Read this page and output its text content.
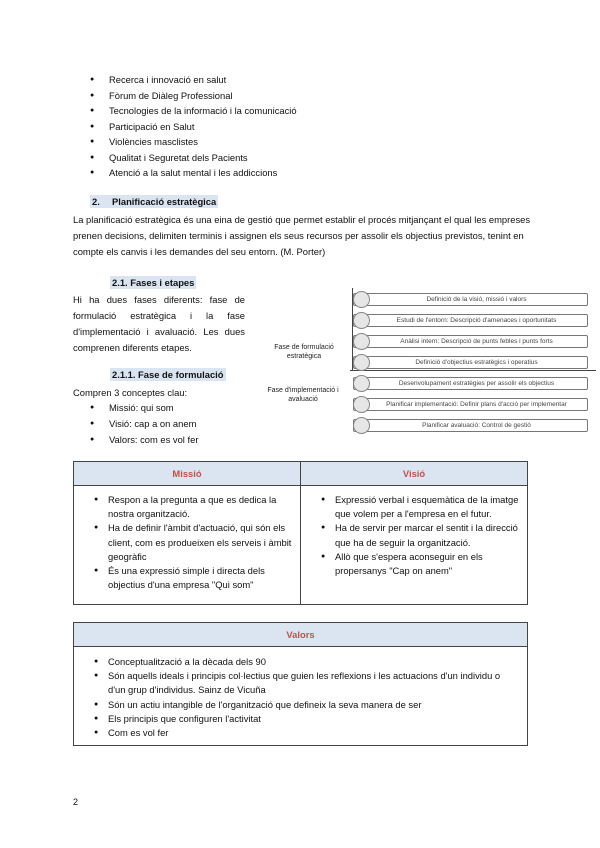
● Recerca i innovació en salut
● Fòrum de Diàleg Professional
● Tecnologies de la informació i la comunicació
● Participació en Salut
● Violències masclistes
● Qualitat i Seguretat dels Pacients
● Atenció a la salut mental i les addiccions
2. Planificació estratègica

La planificació estratègica és una eina de gestió que permet establir el procés mitjançant el qual les empreses prenen decisions, delimiten terminis i assignen els seus recursos per assolir els objectius previstos, tenint en compte els canvis i les demandes del seu entorn. (M. Porter)

2.1. Fases i etapes

Hi ha dues fases diferents: fase de formulació estratègica i la fase d'implementació i avaluació. Les dues comprenen diferents etapes.

2.1.1. Fase de formulació

Compren 3 conceptes clau:

● Missió: qui som
● Visió: cap a on anem
● Valors: com es vol fer
Fase de formulació estratègica
Fase d'implementació i avaluació
Definició de la visió, missió i valors
Estudi de l'entorn: Descripció d'amenaces i oportunitats
Anàlisi intern: Descripció de punts febles i punts forts
Definició d'objectius estratègics i operatius
Desenvolupament estratègies per assolir els objectius
Planificar implementació: Definir plans d'acció per implementar
Planificar avaluació: Control de gestió
Missió
● Respon a la pregunta a que es dedica la nostra organització.
● Ha de definir l'àmbit d'actuació, qui són els client, com es produeixen els serveis i àmbit geogràfic
● És una expressió simple i directa dels objectius d'una empresa "Qui som"
Visió
● Expressió verbal i esquemàtica de la imatge que volem per a l'empresa en el futur.
● Ha de servir per marcar el sentit i la direcció que ha de seguir la organització.
● Allò que s'espera aconseguir en els propersanys "Cap on anem"
Valors
● Conceptualització a la dècada dels 90
● Són aquells ideals i principis col·lectius que guien les reflexions i les actuacions d'un individu o d'un grup d'individus. Sainz de Vicuña
● Són un actiu intangible de l'organització que defineix la seva manera de ser
● Els principis que configuren l'activitat
● Com es vol fer
2
